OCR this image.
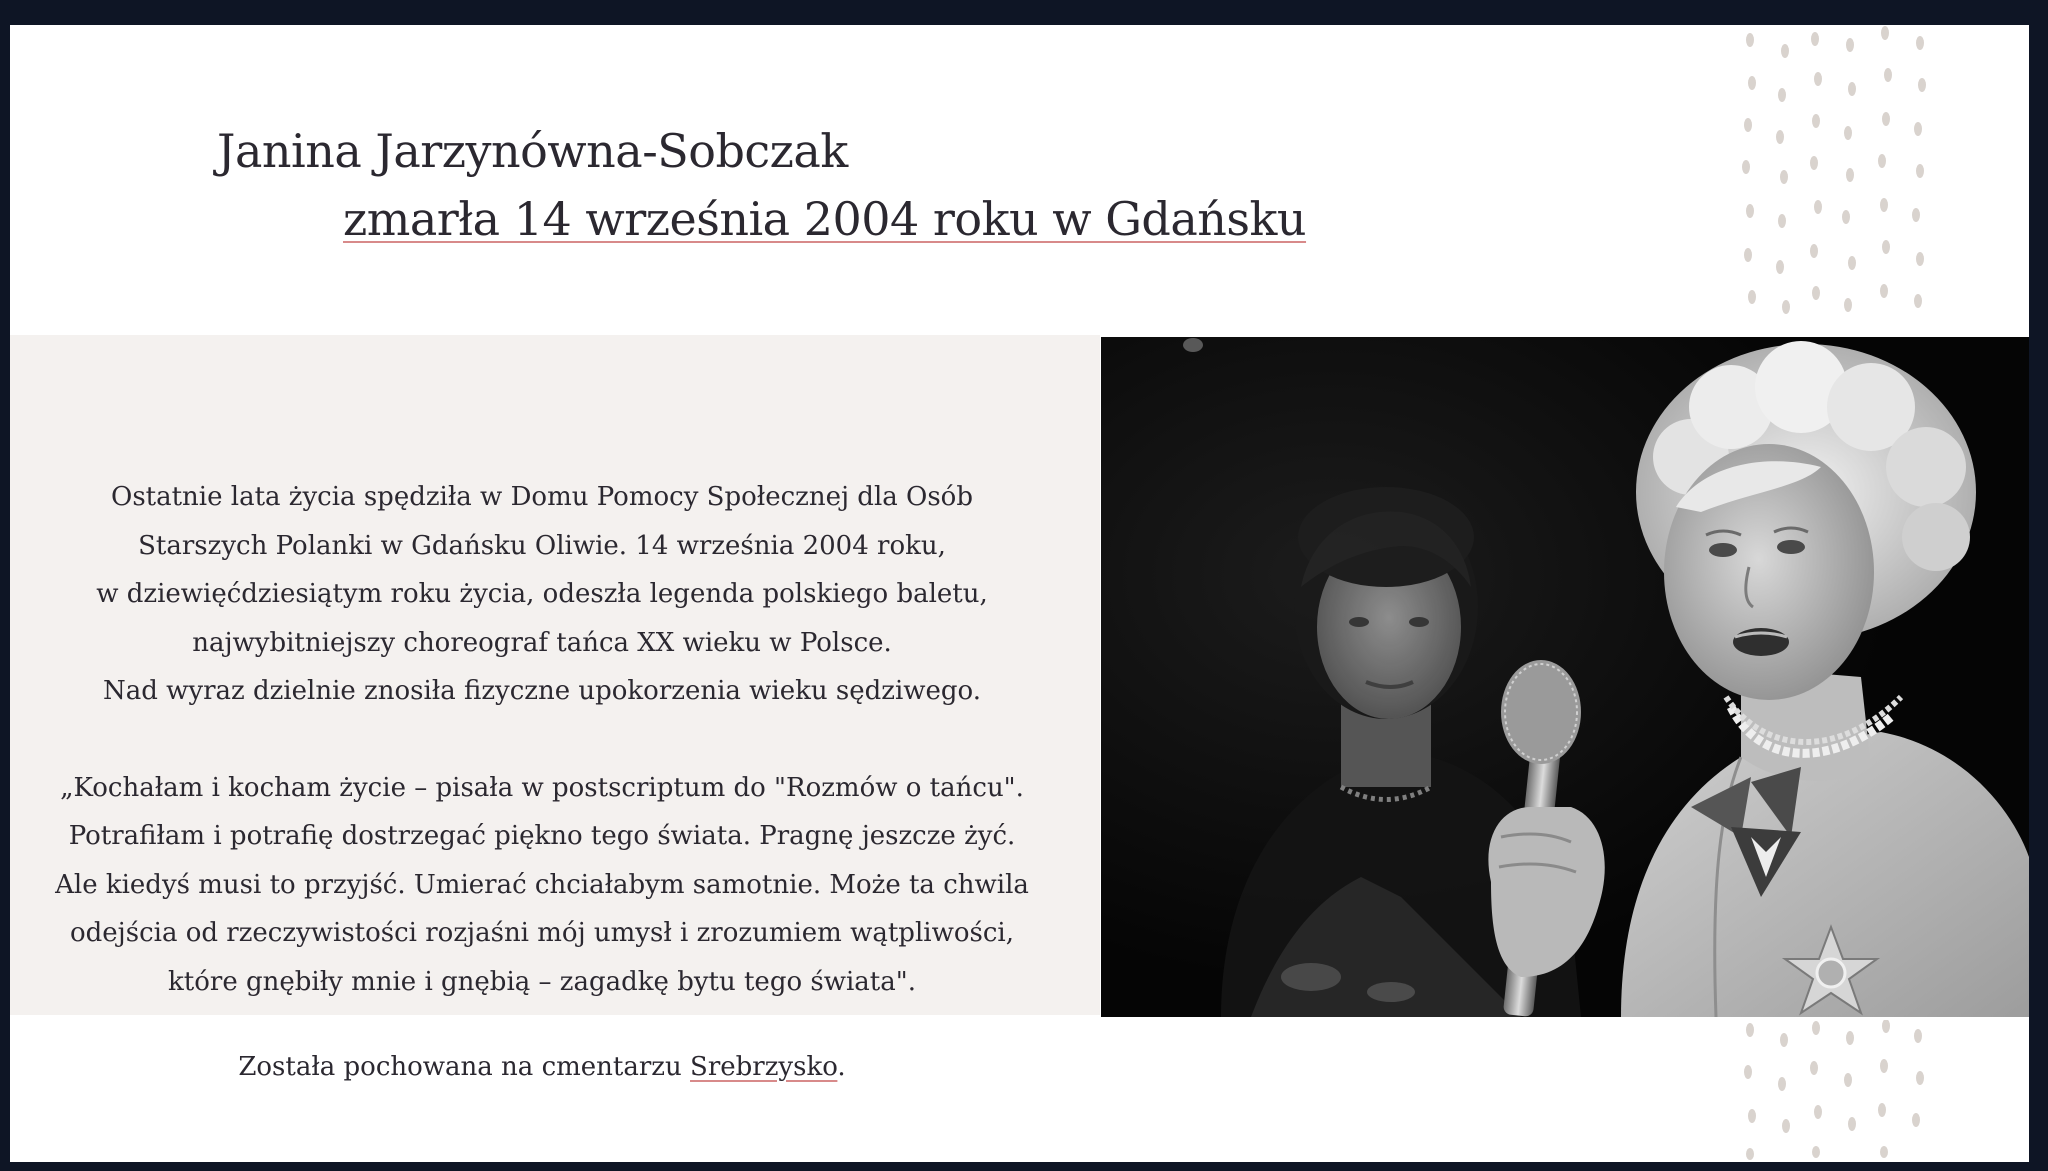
Janina Jarzynówna-Sobczak
zmarła 14 września 2004 roku w Gdańsku

Ostatnie lata życia spędziła w Domu Pomocy Społecznej dla Osób

Starszych Polanki w Gdańsku Oliwie. 14 września 2004 roku,

w dziewięćdziesiątym roku życia, odeszła legenda polskiego baletu,

najwybitniejszy choreograf tańca XX wieku w Polsce.

Nad wyraz dzielnie znosiła fizyczne upokorzenia wieku sędziwego.

„Kochałam i kocham życie – pisała w postscriptum do "Rozmów o tańcu".

Potrafiłam i potrafię dostrzegać piękno tego świata. Pragnę jeszcze żyć.

Ale kiedyś musi to przyjść. Umierać chciałabym samotnie. Może ta chwila

odejścia od rzeczywistości rozjaśni mój umysł i zrozumiem wątpliwości,

które gnębiły mnie i gnębią – zagadkę bytu tego świata".

Została pochowana na cmentarzu Srebrzysko.
